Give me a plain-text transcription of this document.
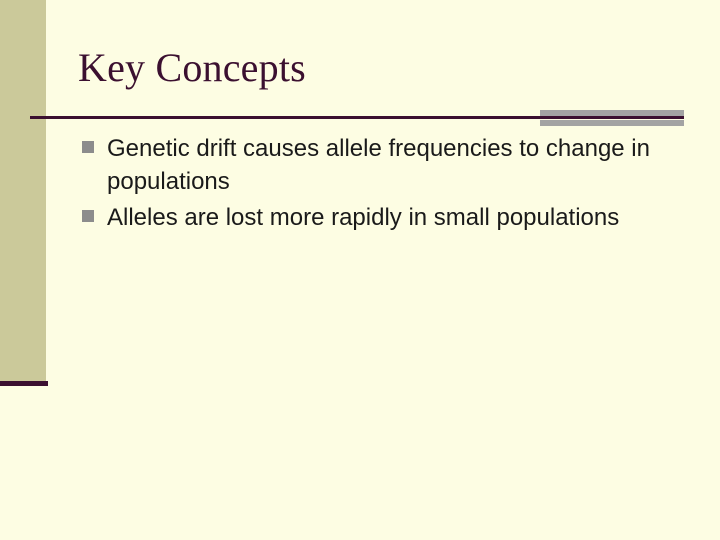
Key Concepts
Genetic drift causes allele frequencies to change in populations
Alleles are lost more rapidly in small populations
